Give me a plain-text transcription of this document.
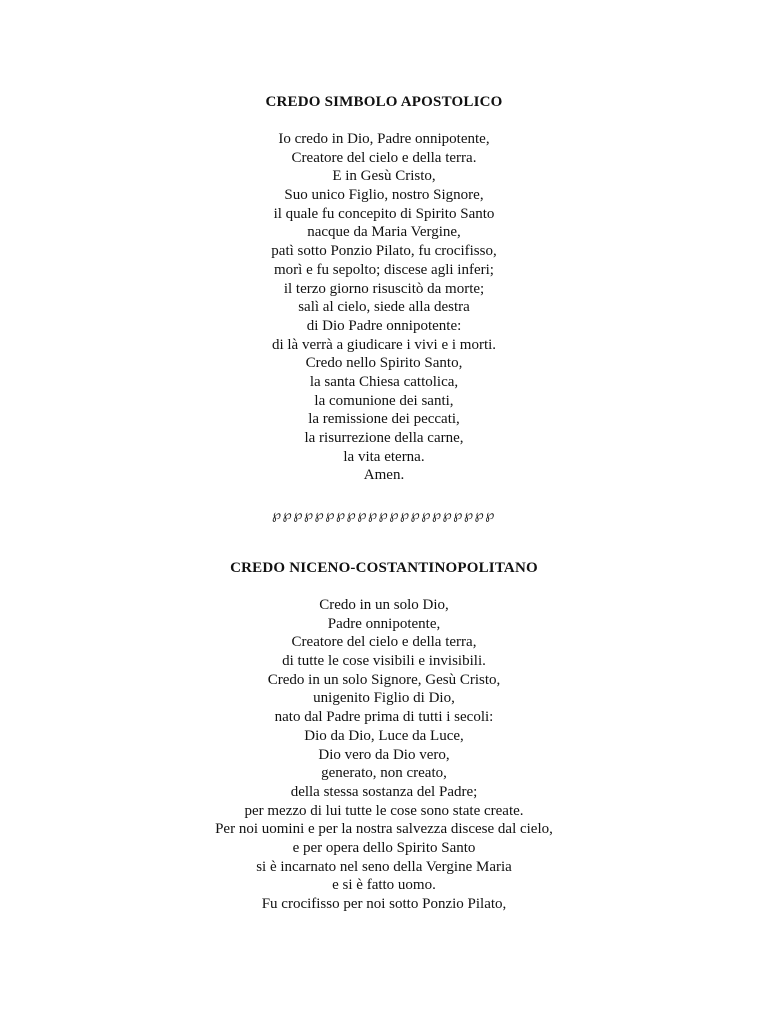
CREDO SIMBOLO APOSTOLICO
Io credo in Dio, Padre onnipotente,
Creatore del cielo e della terra.
E in Gesù Cristo,
Suo unico Figlio, nostro Signore,
il quale fu concepito di Spirito Santo
nacque da Maria Vergine,
patì sotto Ponzio Pilato, fu crocifisso,
morì e fu sepolto; discese agli inferi;
il terzo giorno risuscitò da morte;
salì al cielo, siede alla destra
di Dio Padre onnipotente:
di là verrà a giudicare i vivi e i morti.
Credo nello Spirito Santo,
la santa Chiesa cattolica,
la comunione dei santi,
la remissione dei peccati,
la risurrezione della carne,
la vita eterna.
Amen.
℘℘℘℘℘℘℘℘℘℘℘℘℘℘℘℘℘℘℘℘℘
CREDO NICENO-COSTANTINOPOLITANO
Credo in un solo Dio,
Padre onnipotente,
Creatore del cielo e della terra,
di tutte le cose visibili e invisibili.
Credo in un solo Signore, Gesù Cristo,
unigenito Figlio di Dio,
nato dal Padre prima di tutti i secoli:
Dio da Dio, Luce da Luce,
Dio vero da Dio vero,
generato, non creato,
della stessa sostanza del Padre;
per mezzo di lui tutte le cose sono state create.
Per noi uomini e per la nostra salvezza discese dal cielo,
e per opera dello Spirito Santo
si è incarnato nel seno della Vergine Maria
e si è fatto uomo.
Fu crocifisso per noi sotto Ponzio Pilato,
